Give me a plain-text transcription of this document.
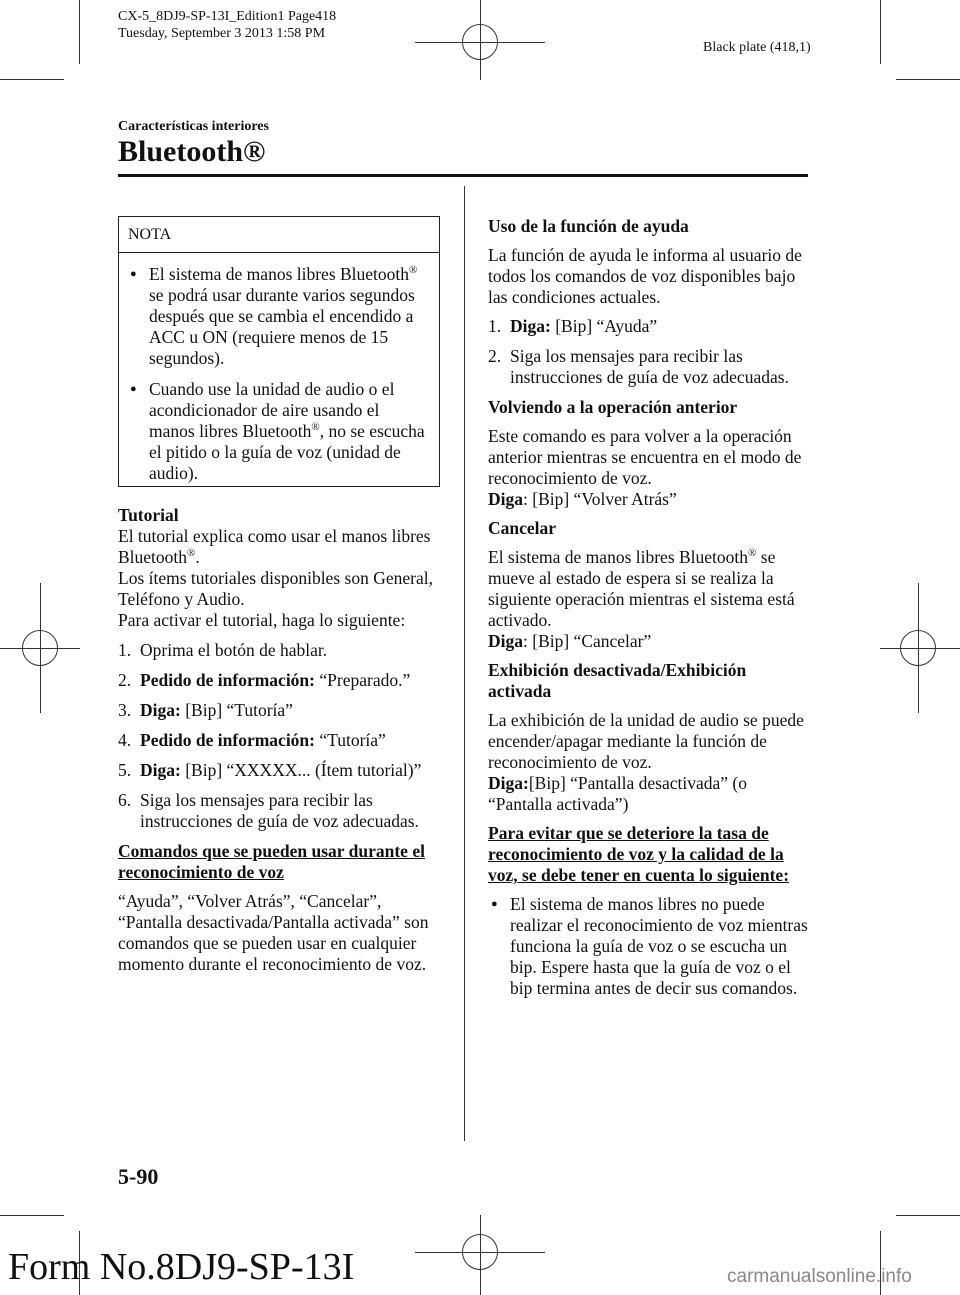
CX-5_8DJ9-SP-13I_Edition1 Page418
Tuesday, September 3 2013 1:58 PM
Black plate (418,1)
Características interiores
Bluetooth®
NOTA
● El sistema de manos libres Bluetooth® se podrá usar durante varios segundos después que se cambia el encendido a ACC u ON (requiere menos de 15 segundos).
● Cuando use la unidad de audio o el acondicionador de aire usando el manos libres Bluetooth®, no se escucha el pitido o la guía de voz (unidad de audio).
Tutorial
El tutorial explica como usar el manos libres Bluetooth®.
Los ítems tutoriales disponibles son General, Teléfono y Audio.
Para activar el tutorial, haga lo siguiente:
1. Oprima el botón de hablar.
2. Pedido de información: “Preparado.”
3. Diga: [Bip] “Tutoría”
4. Pedido de información: “Tutoría”
5. Diga: [Bip] “XXXXX... (Ítem tutorial)”
6. Siga los mensajes para recibir las instrucciones de guía de voz adecuadas.

Comandos que se pueden usar durante el reconocimiento de voz

“Ayuda”, “Volver Atrás”, “Cancelar”, “Pantalla desactivada/Pantalla activada” son comandos que se pueden usar en cualquier momento durante el reconocimiento de voz.

Uso de la función de ayuda

La función de ayuda le informa al usuario de todos los comandos de voz disponibles bajo las condiciones actuales.

1. Diga: [Bip] “Ayuda”
2. Siga los mensajes para recibir las instrucciones de guía de voz adecuadas.

Volviendo a la operación anterior

Este comando es para volver a la operación anterior mientras se encuentra en el modo de reconocimiento de voz.
Diga: [Bip] “Volver Atrás”

Cancelar

El sistema de manos libres Bluetooth® se mueve al estado de espera si se realiza la siguiente operación mientras el sistema está activado.
Diga: [Bip] “Cancelar”

Exhibición desactivada/Exhibición activada

La exhibición de la unidad de audio se puede encender/apagar mediante la función de reconocimiento de voz.
Diga:[Bip] “Pantalla desactivada” (o “Pantalla activada”)

Para evitar que se deteriore la tasa de reconocimiento de voz y la calidad de la voz, se debe tener en cuenta lo siguiente:

● El sistema de manos libres no puede realizar el reconocimiento de voz mientras funciona la guía de voz o se escucha un bip. Espere hasta que la guía de voz o el bip termina antes de decir sus comandos.
5-90
Form No.8DJ9-SP-13I	carmanualsonline.info
